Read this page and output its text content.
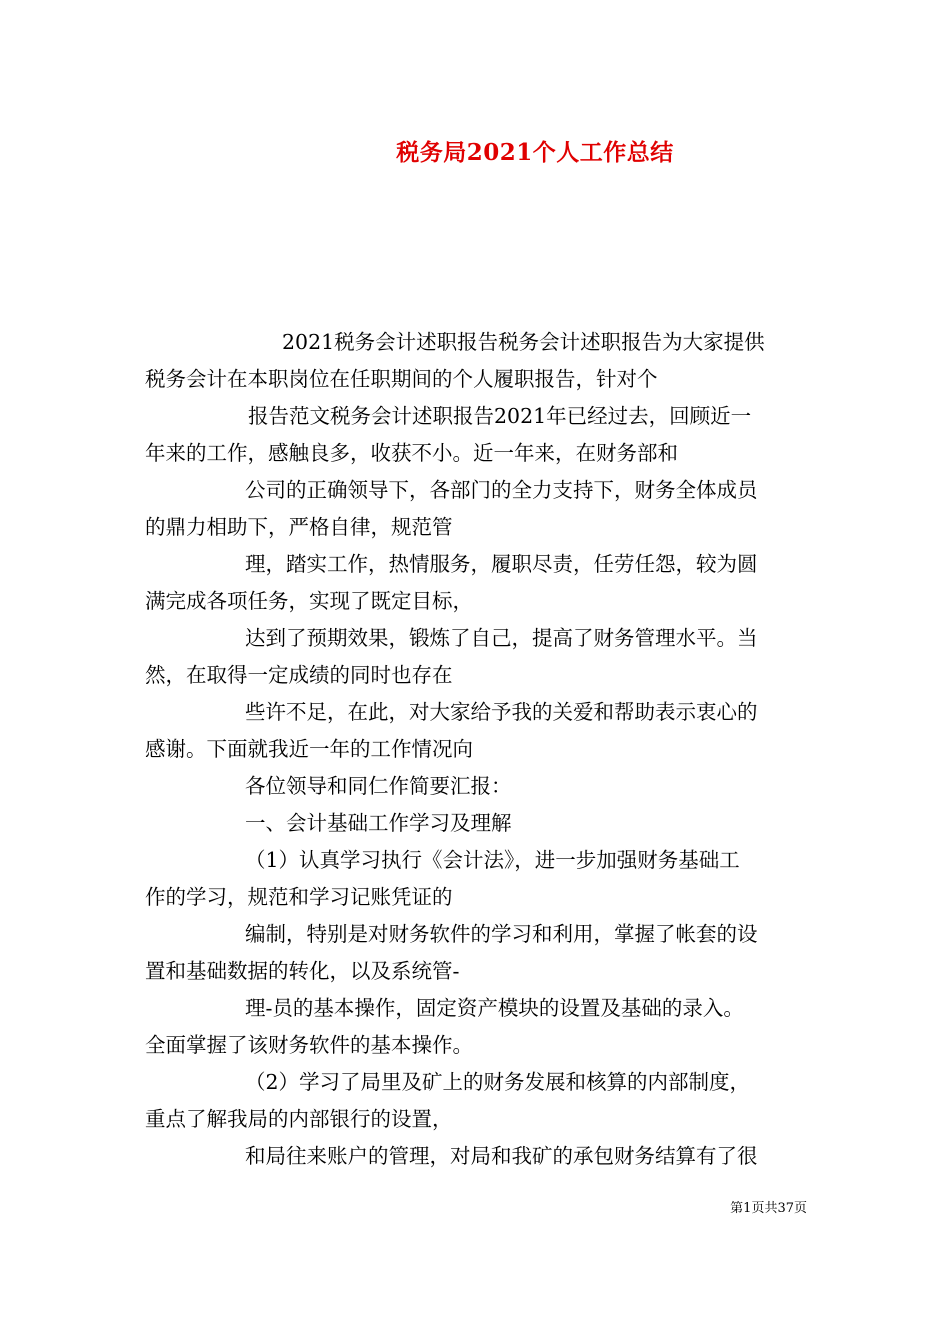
税务局2021个人工作总结
2021税务会计述职报告税务会计述职报告为大家提供
税务会计在本职岗位在任职期间的个人履职报告，针对个
报告范文税务会计述职报告2021年已经过去，回顾近一
年来的工作，感触良多，收获不小。近一年来，在财务部和
公司的正确领导下，各部门的全力支持下，财务全体成员
的鼎力相助下，严格自律，规范管
理，踏实工作，热情服务，履职尽责，任劳任怨，较为圆
满完成各项任务，实现了既定目标，
达到了预期效果，锻炼了自己，提高了财务管理水平。当
然，在取得一定成绩的同时也存在
些许不足，在此，对大家给予我的关爱和帮助表示衷心的
感谢。下面就我近一年的工作情况向
各位领导和同仁作简要汇报：
一、会计基础工作学习及理解
（1）认真学习执行《会计法》，进一步加强财务基础工
作的学习，规范和学习记账凭证的
编制，特别是对财务软件的学习和利用，掌握了帐套的设
置和基础数据的转化，以及系统管-
理-员的基本操作，固定资产模块的设置及基础的录入。
全面掌握了该财务软件的基本操作。
（2）学习了局里及矿上的财务发展和核算的内部制度，
重点了解我局的内部银行的设置，
和局往来账户的管理，对局和我矿的承包财务结算有了很
第1页共37页
